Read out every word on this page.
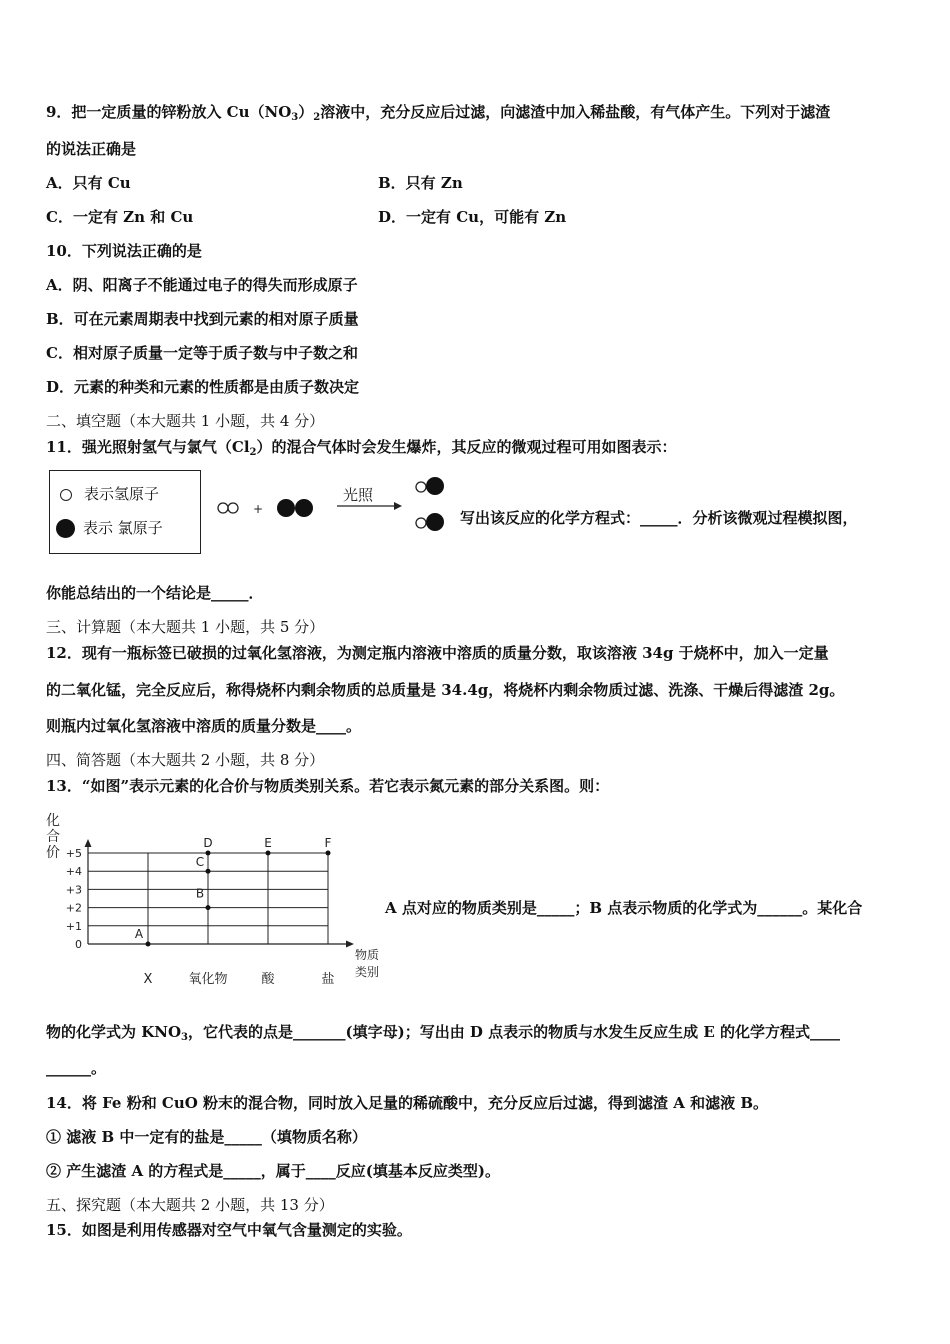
9．把一定质量的锌粉放入 $Cu(NO_3)_2$溶液中，充分反应后过滤，向滤渣中加入稀盐酸，有气体产生。下列对于滤渣
的说法正确是
A．只有 Cu	B．只有 Zn
C．一定有 Zn 和 Cu	D．一定有 Cu，可能有 Zn
10．下列说法正确的是
A．阴、阳离子不能通过电子的得失而形成原子
B．可在元素周期表中找到元素的相对原子质量
C．相对原子质量一定等于质子数与中子数之和
D．元素的种类和元素的性质都是由质子数决定
二、填空题（本大题共 1 小题，共 4 分）
11．强光照射氢气与氯气$(Cl_2)$的混合气体时会发生爆炸，其反应的微观过程可用如图表示：
表示氢原子
表示 氯原子
+
光照
写出该反应的化学方程式：_____．分析该微观过程模拟图，
你能总结出的一个结论是_____．
三、计算题（本大题共 1 小题，共 5 分）
12．现有一瓶标签已破损的过氧化氢溶液，为测定瓶内溶液中溶质的质量分数，取该溶液 34g 于烧杯中，加入一定量
的二氧化锰，完全反应后，称得烧杯内剩余物质的总质量是 34.4g，将烧杯内剩余物质过滤、洗涤、干燥后得滤渣 2g。
则瓶内过氧化氢溶液中溶质的质量分数是____。
四、简答题（本大题共 2 小题，共 8 分）
13．“如图”表示元素的化合价与物质类别关系。若它表示氮元素的部分关系图。则：
化
合
价
物质
类别
0
+1
+2
+3
+4
+5
X	氧化物	酸	盐
A
B
C
D	E	F
A 点对应的物质类别是_____；B 点表示物质的化学式为______。某化合
物的化学式为 $KNO_3$，它代表的点是_______(填字母)；写出由 D 点表示的物质与水发生反应生成 E 的化学方程式____
______。
14．将 Fe 粉和 CuO 粉末的混合物，同时放入足量的稀硫酸中，充分反应后过滤，得到滤渣 A 和滤液 B。
① 滤液 B 中一定有的盐是_____（填物质名称）
② 产生滤渣 A 的方程式是_____，属于____反应(填基本反应类型)。
五、探究题（本大题共 2 小题，共 13 分）
15．如图是利用传感器对空气中氧气含量测定的实验。
